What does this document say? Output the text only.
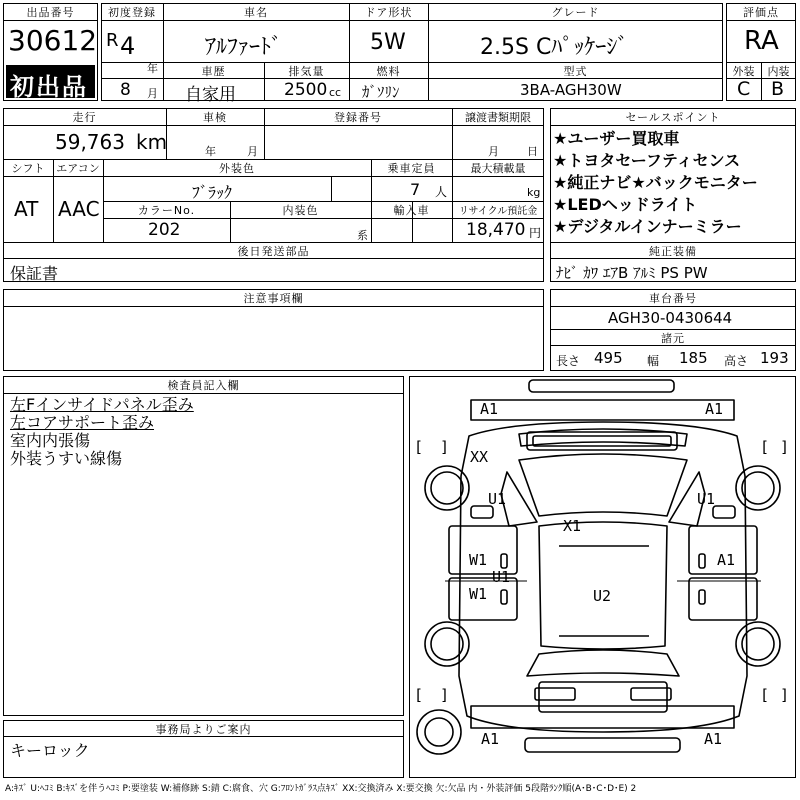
出品番号
30612
初出品
初度登録
R 4
年
8 月
車名
ｱﾙﾌｧｰﾄﾞ
ドア形状
5W
グレード
2.5S Cﾊﾟｯｹｰｼﾞ
車歴
自家用
排気量
2500 cc
燃料
ｶﾞｿﾘﾝ
型式
3BA-AGH30W
評価点
RA
外装	内装
C B
走行
59,763 km
車検
年	月
登録番号	譲渡書類期限
月	日
シフト
AT
エアコン
AAC
外装色
ﾌﾞﾗｯｸ
乗車定員
7 人
最大積載量
kg
カラーNo.
202
内装色
系
輸入車	リサイクル預託金
18,470 円
後日発送部品
保証書
注意事項欄
セールスポイント
★ユーザー買取車
★トヨタセーフティセンス
★純正ナビ★バックモニター
★LEDヘッドライト
★デジタルインナーミラー
純正装備
ﾅﾋﾞ ｶﾜ ｴｱB ｱﾙﾐ PS PW
車台番号
AGH30-0430644
諸元
長さ 495 幅 185 高さ 193
検査員記入欄
左Fインサイドパネル歪み
左コアサポート歪み
室内内張傷
外装うすい線傷
事務局よりご案内
キーロック
[ ]	[ ]
[ ]	[ ]
A1	A1
XX
U1	U1
X1
W1	A1
U1
W1	U2
A1	A1
A:ｷｽﾞ U:ﾍｺﾐ B:ｷｽﾞを伴うﾍｺﾐ P:要塗装 W:補修跡 S:錆 C:腐食、穴 G:ﾌﾛﾝﾄｶﾞﾗｽ点ｷｽﾞ XX:交換済み X:要交換 欠:欠品 内・外装評価 5段階ﾗﾝｸ順(A･B･C･D･E) 2
